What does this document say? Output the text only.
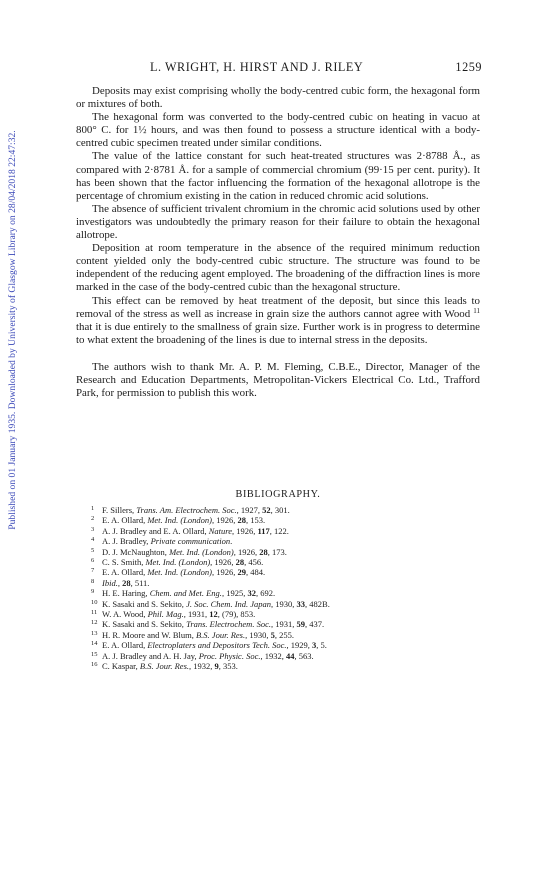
Published on 01 January 1935. Downloaded by University of Glasgow Library on 28/04/2018 22:47:32.
L. WRIGHT, H. HIRST AND J. RILEY	1259

Deposits may exist comprising wholly the body-centred cubic form, the hexagonal form or mixtures of both.

The hexagonal form was converted to the body-centred cubic on heating in vacuo at 800° C. for 1½ hours, and was then found to possess a structure identical with a body-centred cubic specimen treated under similar conditions.

The value of the lattice constant for such heat-treated structures was 2·8788 Å., as compared with 2·8781 Å. for a sample of commercial chromium (99·15 per cent. purity). It has been shown that the factor influencing the formation of the hexagonal allotrope is the percentage of chromium existing in the cation in reduced chromic acid solutions.

The absence of sufficient trivalent chromium in the chromic acid solutions used by other investigators was undoubtedly the primary reason for their failure to obtain the hexagonal allotrope.

Deposition at room temperature in the absence of the required minimum reduction content yielded only the body-centred cubic structure. The structure was found to be independent of the reducing agent employed. The broadening of the diffraction lines is more marked in the case of the body-centred cubic than the hexagonal structure.

This effect can be removed by heat treatment of the deposit, but since this leads to removal of the stress as well as increase in grain size the authors cannot agree with Wood $^{11}$ that it is due entirely to the smallness of grain size. Further work is in progress to determine to what extent the broadening of the lines is due to internal stress in the deposits.

The authors wish to thank Mr. A. P. M. Fleming, C.B.E., Director, Manager of the Research and Education Departments, Metropolitan-Vickers Electrical Co. Ltd., Trafford Park, for permission to publish this work.

BIBLIOGRAPHY.
1 F. Sillers, Trans. Am. Electrochem. Soc., 1927, 52, 301.
2 E. A. Ollard, Met. Ind. (London), 1926, 28, 153.
3 A. J. Bradley and E. A. Ollard, Nature, 1926, 117, 122.
4 A. J. Bradley, Private communication.
5 D. J. McNaughton, Met. Ind. (London), 1926, 28, 173.
6 C. S. Smith, Met. Ind. (London), 1926, 28, 456.
7 E. A. Ollard, Met. Ind. (London), 1926, 29, 484.
8 Ibid., 28, 511.
9 H. E. Haring, Chem. and Met. Eng., 1925, 32, 692.
10 K. Sasaki and S. Sekito, J. Soc. Chem. Ind. Japan, 1930, 33, 482B.
11 W. A. Wood, Phil. Mag., 1931, 12, (79), 853.
12 K. Sasaki and S. Sekito, Trans. Electrochem. Soc., 1931, 59, 437.
13 H. R. Moore and W. Blum, B.S. Jour. Res., 1930, 5, 255.
14 E. A. Ollard, Electroplaters and Depositors Tech. Soc., 1929, 3, 5.
15 A. J. Bradley and A. H. Jay, Proc. Physic. Soc., 1932, 44, 563.
16 C. Kaspar, B.S. Jour. Res., 1932, 9, 353.
